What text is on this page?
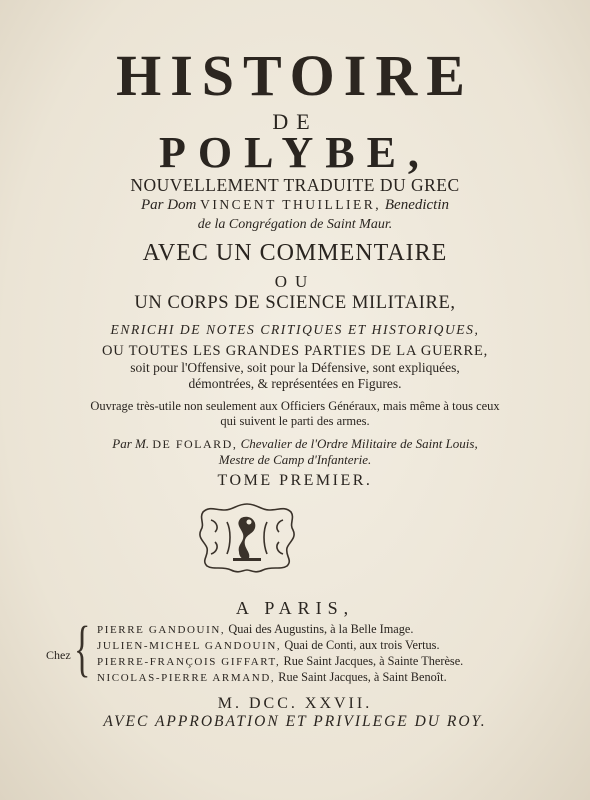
HISTOIRE
DE
POLYBE,
NOUVELLEMENT TRADUITE DU GREC
Par Dom VINCENT THUILLIER, Benedictin
de la Congrégation de Saint Maur.
AVEC UN COMMENTAIRE
OU
UN CORPS DE SCIENCE MILITAIRE,
ENRICHI DE NOTES CRITIQUES ET HISTORIQUES,
OU TOUTES LES GRANDES PARTIES DE LA GUERRE,
soit pour l'Offensive, soit pour la Défensive, sont expliquées,
démontrées, & représentées en Figures.
Ouvrage très-utile non seulement aux Officiers Généraux, mais même à tous ceux
qui suivent le parti des armes.
Par M. DE FOLARD, Chevalier de l'Ordre Militaire de Saint Louis,
Mestre de Camp d'Infanterie.
TOME PREMIER.
A PARIS,
Chez { PIERRE GANDOUIN, Quai des Augustins, à la Belle Image.
JULIEN-MICHEL GANDOUIN, Quai de Conti, aux trois Vertus.
PIERRE-FRANÇOIS GIFFART, Rue Saint Jacques, à Sainte Therèse.
NICOLAS-PIERRE ARMAND, Rue Saint Jacques, à Saint Benoît.
M. DCC. XXVII.
AVEC APPROBATION ET PRIVILEGE DU ROY.
